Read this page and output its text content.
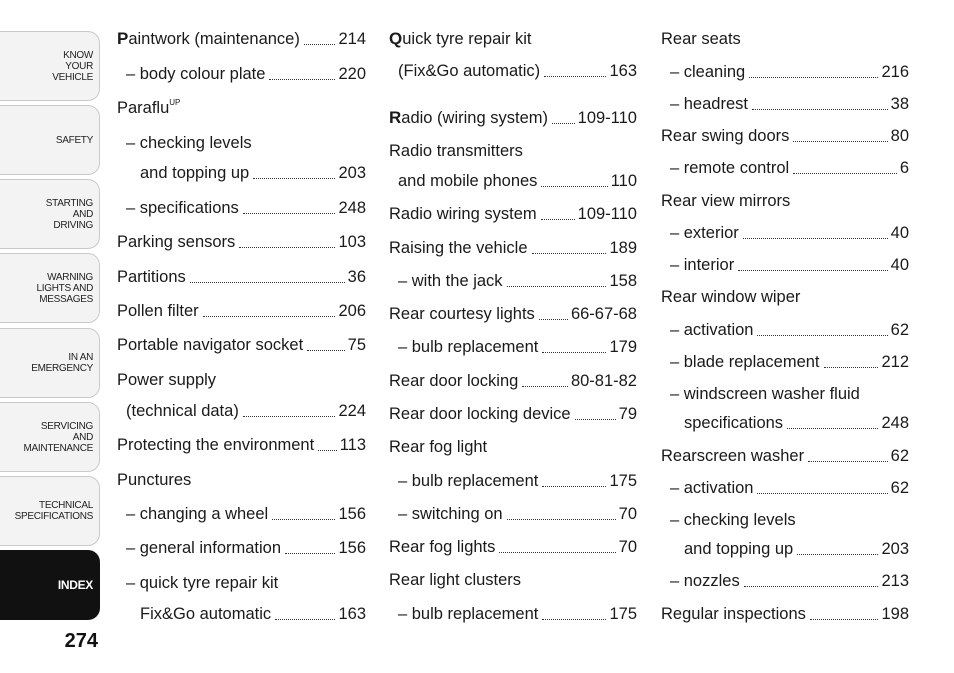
KNOW
YOUR
VEHICLE
SAFETY
STARTING
AND
DRIVING
WARNING
LIGHTS AND
MESSAGES
IN AN
EMERGENCY
SERVICING
AND
MAINTENANCE
TECHNICAL
SPECIFICATIONS
INDEX
274
Paintwork (maintenance) 214
– body colour plate	220
Paraflu$^{UP}$
– checking levels
and topping up	203
– specifications	248
Parking sensors	103
Partitions	36
Pollen filter	206
Portable navigator socket	75
Power supply
(technical data)	224
Protecting the environment 113
Punctures
– changing a wheel	156
– general information	156
– quick tyre repair kit
Fix&Go automatic	163
Quick tyre repair kit
(Fix&Go automatic)	163
Radio (wiring system) 109-110
Radio transmitters
and mobile phones	110
Radio wiring system 109-110
Raising the vehicle	189
– with the jack	158
Rear courtesy lights 66-67-68
– bulb replacement	179
Rear door locking	80-81-82
Rear door locking device	79
Rear fog light
– bulb replacement	175
– switching on	70
Rear fog lights	70
Rear light clusters
– bulb replacement	175
Rear seats
– cleaning	216
– headrest	38
Rear swing doors	80
– remote control	6
Rear view mirrors
– exterior	40
– interior	40
Rear window wiper
– activation	62
– blade replacement	212
– windscreen washer fluid
specifications	248
Rearscreen washer	62
– activation	62
– checking levels
and topping up	203
– nozzles	213
Regular inspections	198
